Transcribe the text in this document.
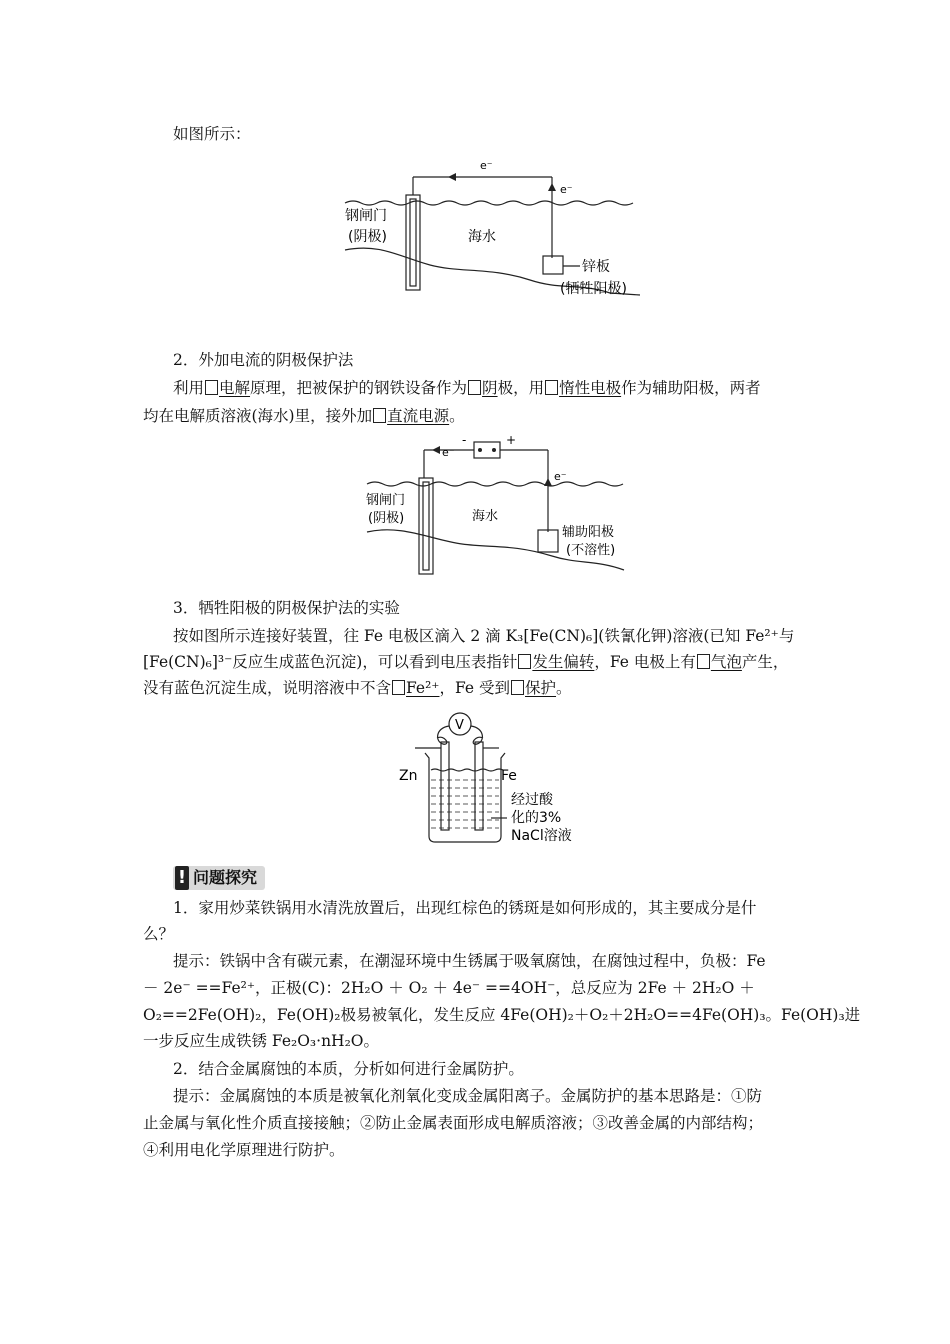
如图所示：
e⁻
e⁻
钢闸门
(阴极)	海水
锌板
(牺牲阳极)
2．外加电流的阴极保护法
利用 电解原理，把被保护的钢铁设备作为 阴极，用 惰性电极作为辅助阳极，两者
均在电解质溶液(海水)里，接外加 直流电源。
-	+
e⁻
e⁻
钢闸门
(阴极)	海水
辅助阳极
(不溶性)
3．牺牲阳极的阴极保护法的实验
按如图所示连接好装置，往 Fe 电极区滴入 2 滴 K₃[Fe(CN)₆](铁氰化钾)溶液(已知 Fe²⁺与
[Fe(CN)₆]³⁻反应生成蓝色沉淀)，可以看到电压表指针 发生偏转，Fe 电极上有 气泡产生，
没有蓝色沉淀生成，说明溶液中不含 Fe²⁺，Fe 受到 保护。
V
Zn	Fe
经过酸
化的3%
NaCl溶液
! 问题探究
1．家用炒菜铁锅用水清洗放置后，出现红棕色的锈斑是如何形成的，其主要成分是什
么？
提示：铁锅中含有碳元素，在潮湿环境中生锈属于吸氧腐蚀，在腐蚀过程中，负极：Fe
－ 2e⁻ ==Fe²⁺，正极(C)：2H₂O ＋ O₂ ＋ 4e⁻ ==4OH⁻，总反应为 2Fe ＋ 2H₂O ＋
O₂==2Fe(OH)₂，Fe(OH)₂极易被氧化，发生反应 4Fe(OH)₂＋O₂＋2H₂O==4Fe(OH)₃。Fe(OH)₃进
一步反应生成铁锈 Fe₂O₃·nH₂O。
2．结合金属腐蚀的本质，分析如何进行金属防护。
提示：金属腐蚀的本质是被氧化剂氧化变成金属阳离子。金属防护的基本思路是：①防
止金属与氧化性介质直接接触；②防止金属表面形成电解质溶液；③改善金属的内部结构；
④利用电化学原理进行防护。
